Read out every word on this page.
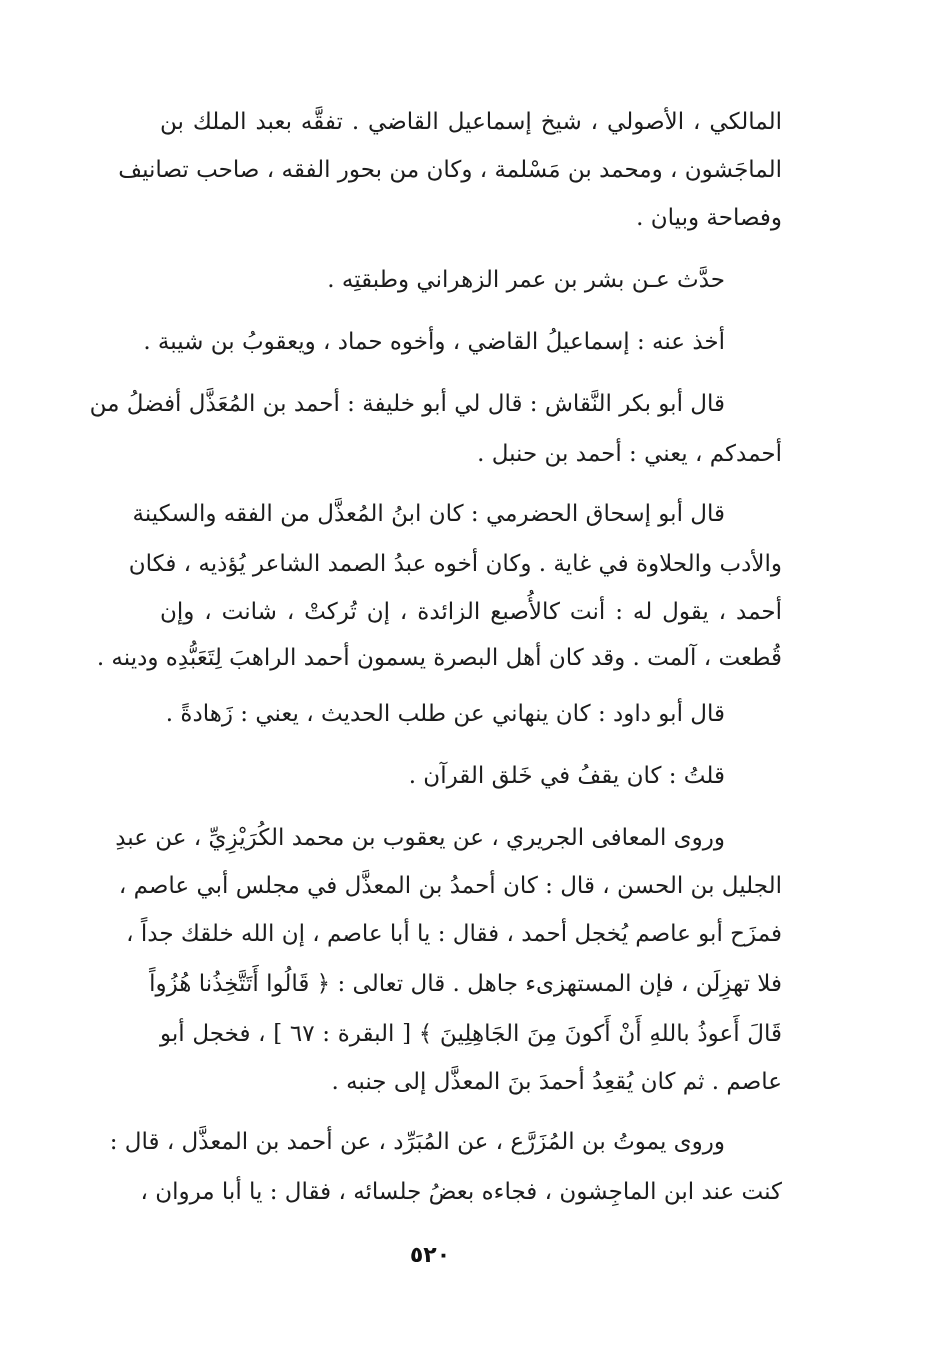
المالكي ، الأصولي ، شيخ إسماعيل القاضي . تفقَّه بعبد الملك بن
الماجَشون ، ومحمد بن مَسْلمة ، وكان من بحور الفقه ، صاحب تصانيف
وفصاحة وبيان .
حدَّث عـن بشر بن عمر الزهراني وطبقتِه .
أخذ عنه : إسماعيلُ القاضي ، وأخوه حماد ، ويعقوبُ بن شيبة .
قال أبو بكر النَّقاش : قال لي أبو خليفة : أحمد بن المُعَذَّل أفضلُ من
أحمدكم ، يعني : أحمد بن حنبل .
قال أبو إسحاق الحضرمي : كان ابنُ المُعذَّل من الفقه والسكينة
والأدب والحلاوة في غاية . وكان أخوه عبدُ الصمد الشاعر يُؤذيه ، فكان
أحمد ، يقول له : أنت كالأُصبع الزائدة ، إن تُركتْ ، شانت ، وإن
قُطعت ، آلمت . وقد كان أهل البصرة يسمون أحمد الراهبَ لِتَعَبُّدِه ودينه .
قال أبو داود : كان ينهاني عن طلب الحديث ، يعني : زَهادةً .
قلتُ : كان يقفُ في خَلق القرآن .
وروى المعافى الجريري ، عن يعقوب بن محمد الكُرَيْزِيِّ ، عن عبدِ
الجليل بن الحسن ، قال : كان أحمدُ بن المعذَّل في مجلس أبي عاصم ،
فمزَح أبو عاصم يُخجل أحمد ، فقال : يا أبا عاصم ، إن الله خلقك جداً ،
فلا تهزِلَن ، فإن المستهزىء جاهل . قال تعالى : ﴿ قَالُوا أَتَتَّخِذُنا هُزُواً
قَالَ أَعوذُ باللهِ أَنْ أَكونَ مِنَ الجَاهِلِينَ ﴾ [ البقرة : ٦٧ ] ، فخجل أبو
عاصم . ثم كان يُقعِدُ أحمدَ بنَ المعذَّل إلى جنبه .
وروى يموتُ بن المُزَرَّع ، عن المُبَرِّد ، عن أحمد بن المعذَّل ، قال :
كنت عند ابن الماجِشون ، فجاءه بعضُ جلسائه ، فقال : يا أبا مروان ،
٥٢٠
